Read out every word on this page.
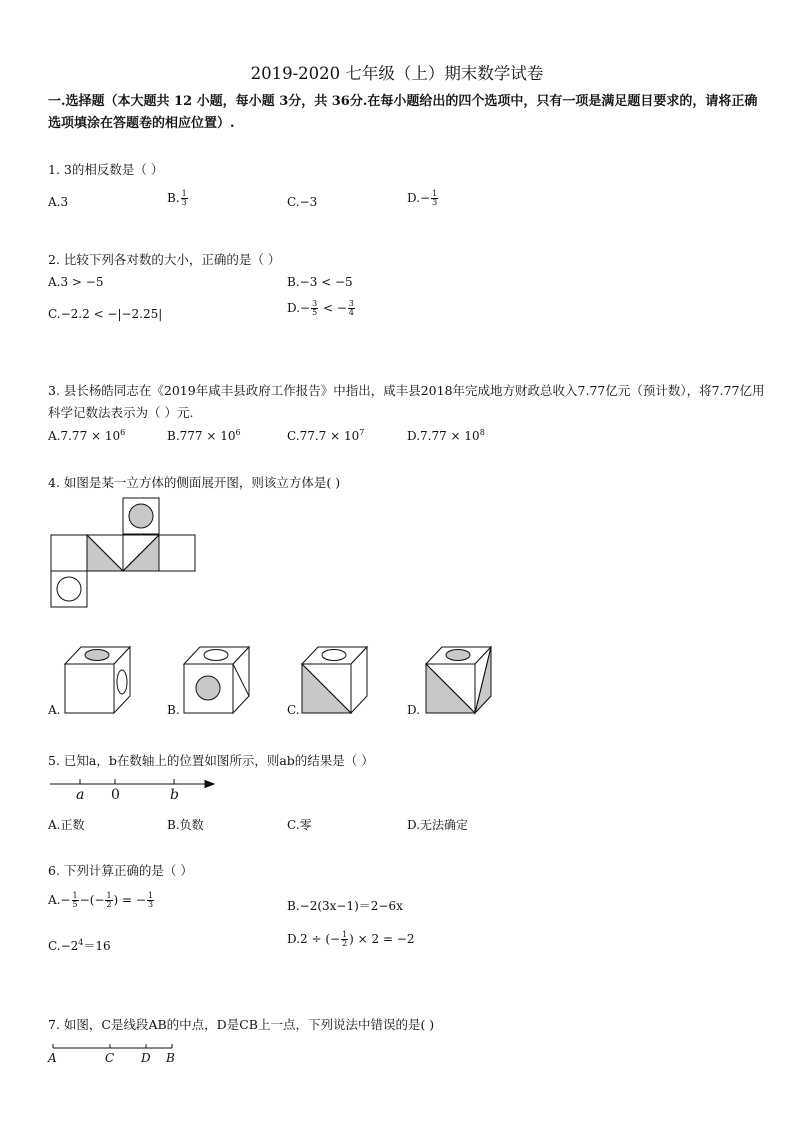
2019-2020 七年级（上）期末数学试卷
一.选择题（本大题共 12 小题，每小题 3分，共 36分.在每小题给出的四个选项中，只有一项是满足题目要求的，请将正确选项填涂在答题卷的相应位置）.
1. 3的相反数是（ ）
A.3	B. $\frac{1}{3}$	C.−3	$D.- \frac{1}{3}$
2. 比较下列各对数的大小，正确的是（ ）
A.3 > −5	B.−3 < −5
C.−2.2 < −|−2.25|	$D.- \frac{3}{5}$ < − $\frac{3}{4}$
3. 县长杨皓同志在《2019年咸丰县政府工作报告》中指出，咸丰县2018年完成地方财政总收入7.77亿元（预计数），将7.77亿用科学记数法表示为（ ）元.
$A.7.77 \times 10^6$	$B.777 \times 10^6$	$C.77.7 \times 10^7$	$D.7.77 \times 10^8$
4. 如图是某一立方体的侧面展开图，则该立方体是( )
A.	B.	C.	D.
5. 已知a，b在数轴上的位置如图所示，则ab的结果是（ ）
a 0	b
A.正数	B.负数	C.零	D.无法确定
6. 下列计算正确的是（ ）
$A.- \frac{1}{5}$ −(− $\frac{1}{2}$ ) = − $\frac{1}{3}$	B.−2(3x−1)＝2−6x
$C.-2^4=16$	D.2 ÷ (− $\frac{1}{2}$ ) × 2 = −2
7. 如图，C是线段AB的中点，D是CB上一点，下列说法中错误的是( )
A	C D B
